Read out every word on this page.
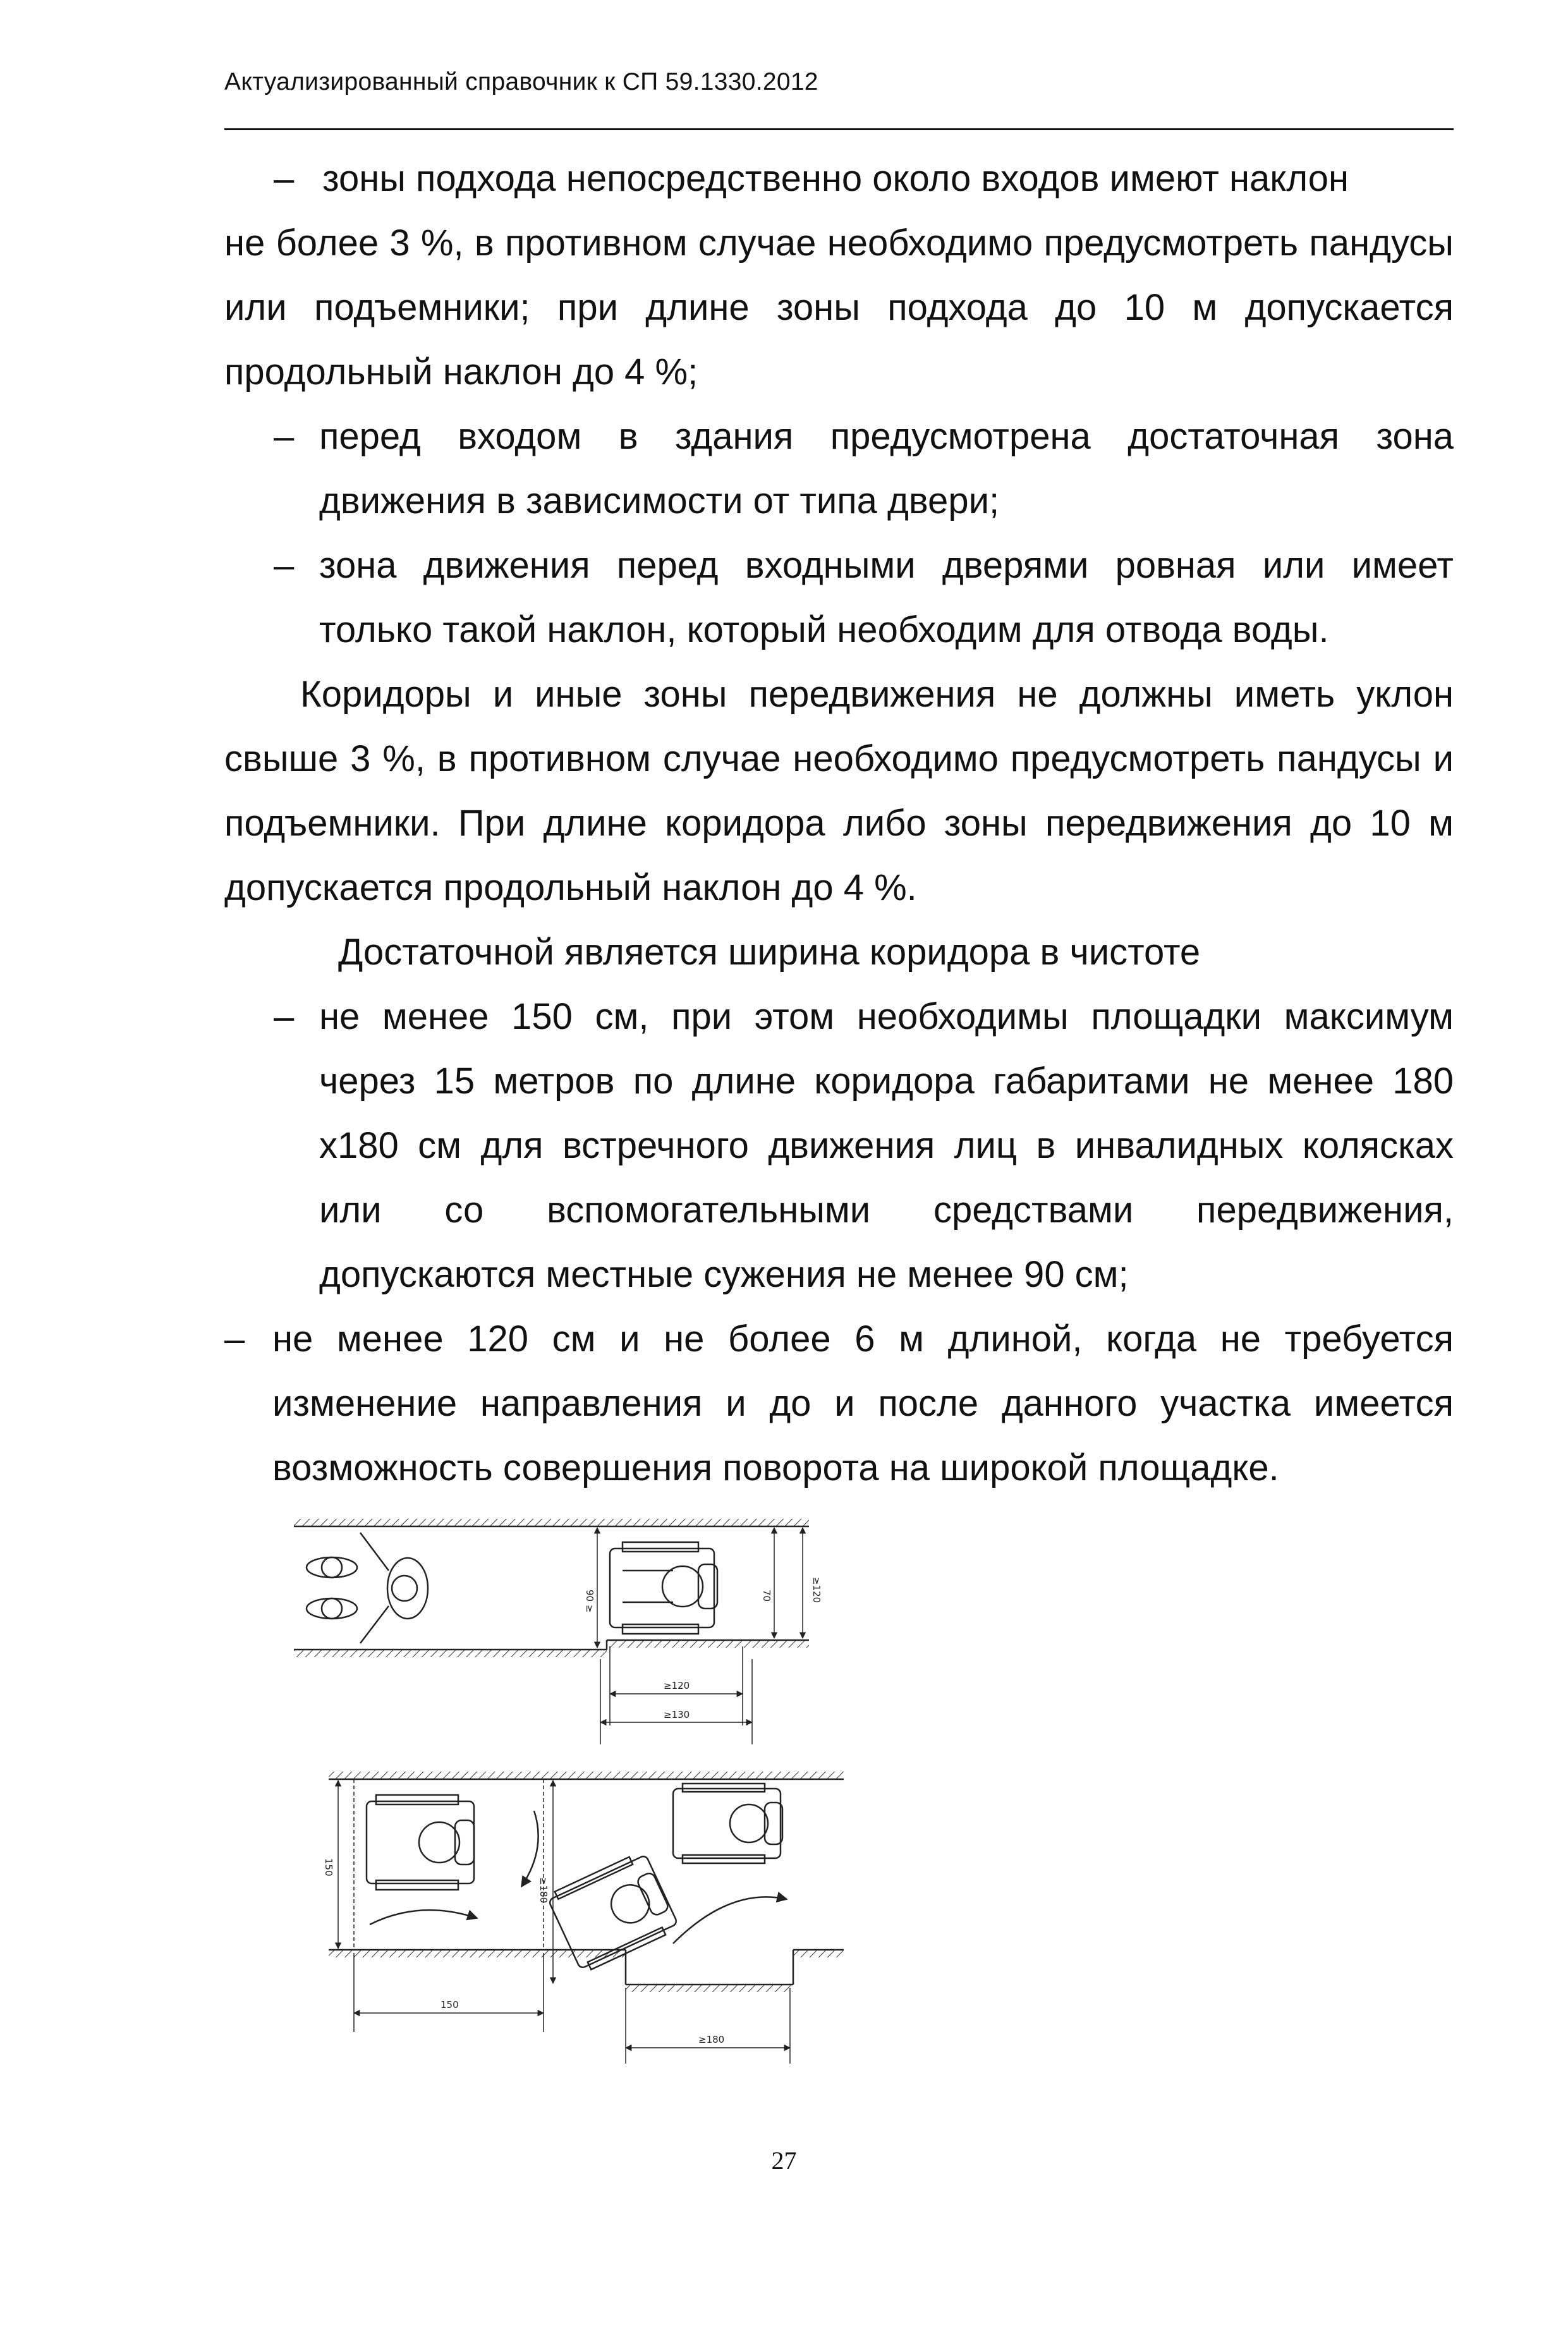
Актуализированный справочник к СП 59.1330.2012

– зоны подхода непосредственно около входов имеют наклон
не более 3 %, в противном случае необходимо предусмотреть пандусы или подъемники; при длине зоны подхода до 10 м допускается продольный наклон до 4 %;

– перед входом в здания предусмотрена достаточная зона движения в зависимости от типа двери;

– зона движения перед входными дверями ровная или имеет только такой наклон, который необходим для отвода воды.

Коридоры и иные зоны передвижения не должны иметь уклон свыше 3 %, в противном случае необходимо предусмотреть пандусы и подъемники. При длине коридора либо зоны передвижения до 10 м допускается продольный наклон до 4 %.

Достаточной является ширина коридора в чистоте

– не менее 150 см, при этом необходимы площадки максимум через 15 метров по длине коридора габаритами не менее 180 х180 см для встречного движения лиц в инвалидных колясках или со вспомогательными средствами передвижения, допускаются местные сужения не менее 90 см;

– не менее 120 см и не более 6 м длиной, когда не требуется изменение направления и до и после данного участка имеется возможность совершения поворота на широкой площадке.

90 ≥	70	≥120
≥120
≥130
150
≥180
150
≥180
27
